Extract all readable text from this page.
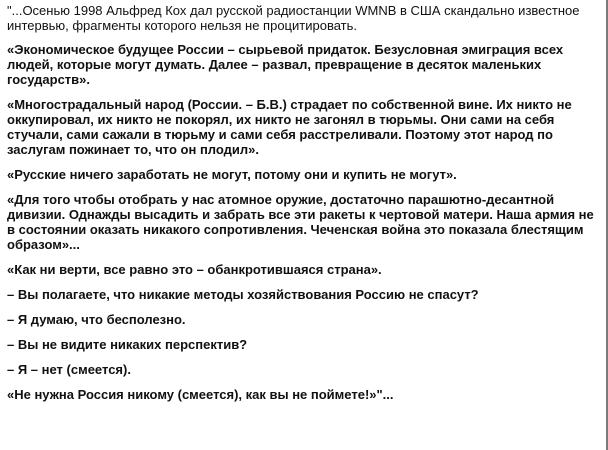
"...Осенью 1998 Альфред Кох дал русской радиостанции WMNB в США скандально известное интервью, фрагменты которого нельзя не процитировать.

«Экономическое будущее России – сырьевой придаток. Безусловная эмиграция всех людей, которые могут думать. Далее – развал, превращение в десяток маленьких государств».

«Многострадальный народ (России. – Б.В.) страдает по собственной вине. Их никто не оккупировал, их никто не покорял, их никто не загонял в тюрьмы. Они сами на себя стучали, сами сажали в тюрьму и сами себя расстреливали. Поэтому этот народ по заслугам пожинает то, что он плодил».

«Русские ничего заработать не могут, потому они и купить не могут».

«Для того чтобы отобрать у нас атомное оружие, достаточно парашютно-десантной дивизии. Однажды высадить и забрать все эти ракеты к чертовой матери. Наша армия не в состоянии оказать никакого сопротивления. Чеченская война это показала блестящим образом»...

«Как ни верти, все равно это – обанкротившаяся страна».

– Вы полагаете, что никакие методы хозяйствования Россию не спасут?

– Я думаю, что бесполезно.

– Вы не видите никаких перспектив?

– Я – нет (смеется).

«Не нужна Россия никому (смеется), как вы не поймете!»"...
